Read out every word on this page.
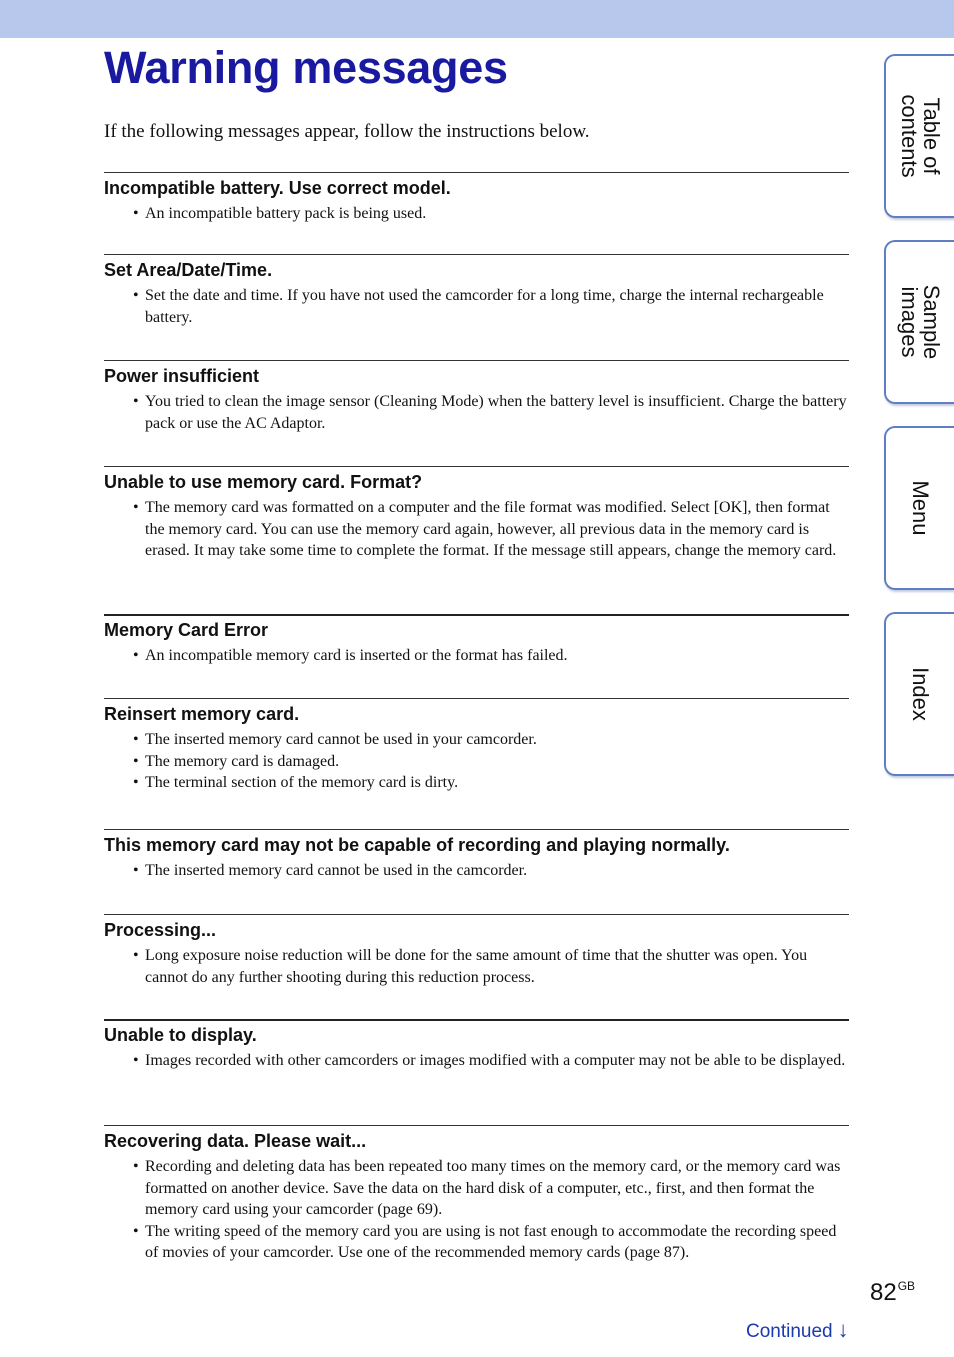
Warning messages
If the following messages appear, follow the instructions below.
Incompatible battery. Use correct model.
• An incompatible battery pack is being used.
Set Area/Date/Time.
• Set the date and time. If you have not used the camcorder for a long time, charge the internal rechargeable battery.
Power insufficient
• You tried to clean the image sensor (Cleaning Mode) when the battery level is insufficient. Charge the battery pack or use the AC Adaptor.
Unable to use memory card. Format?
• The memory card was formatted on a computer and the file format was modified. Select [OK], then format the memory card. You can use the memory card again, however, all previous data in the memory card is erased. It may take some time to complete the format. If the message still appears, change the memory card.
Memory Card Error
• An incompatible memory card is inserted or the format has failed.
Reinsert memory card.
• The inserted memory card cannot be used in your camcorder.
• The memory card is damaged.
• The terminal section of the memory card is dirty.
This memory card may not be capable of recording and playing normally.
• The inserted memory card cannot be used in the camcorder.
Processing...
• Long exposure noise reduction will be done for the same amount of time that the shutter was open. You cannot do any further shooting during this reduction process.
Unable to display.
• Images recorded with other camcorders or images modified with a computer may not be able to be displayed.
Recovering data. Please wait...
• Recording and deleting data has been repeated too many times on the memory card, or the memory card was formatted on another device. Save the data on the hard disk of a computer, etc., first, and then format the memory card using your camcorder (page 69).
• The writing speed of the memory card you are using is not fast enough to accommodate the recording speed of movies of your camcorder. Use one of the recommended memory cards (page 87).
Table of
contents
Sample
images
Menu
Index
$82^{GB}$
Continued ↓
